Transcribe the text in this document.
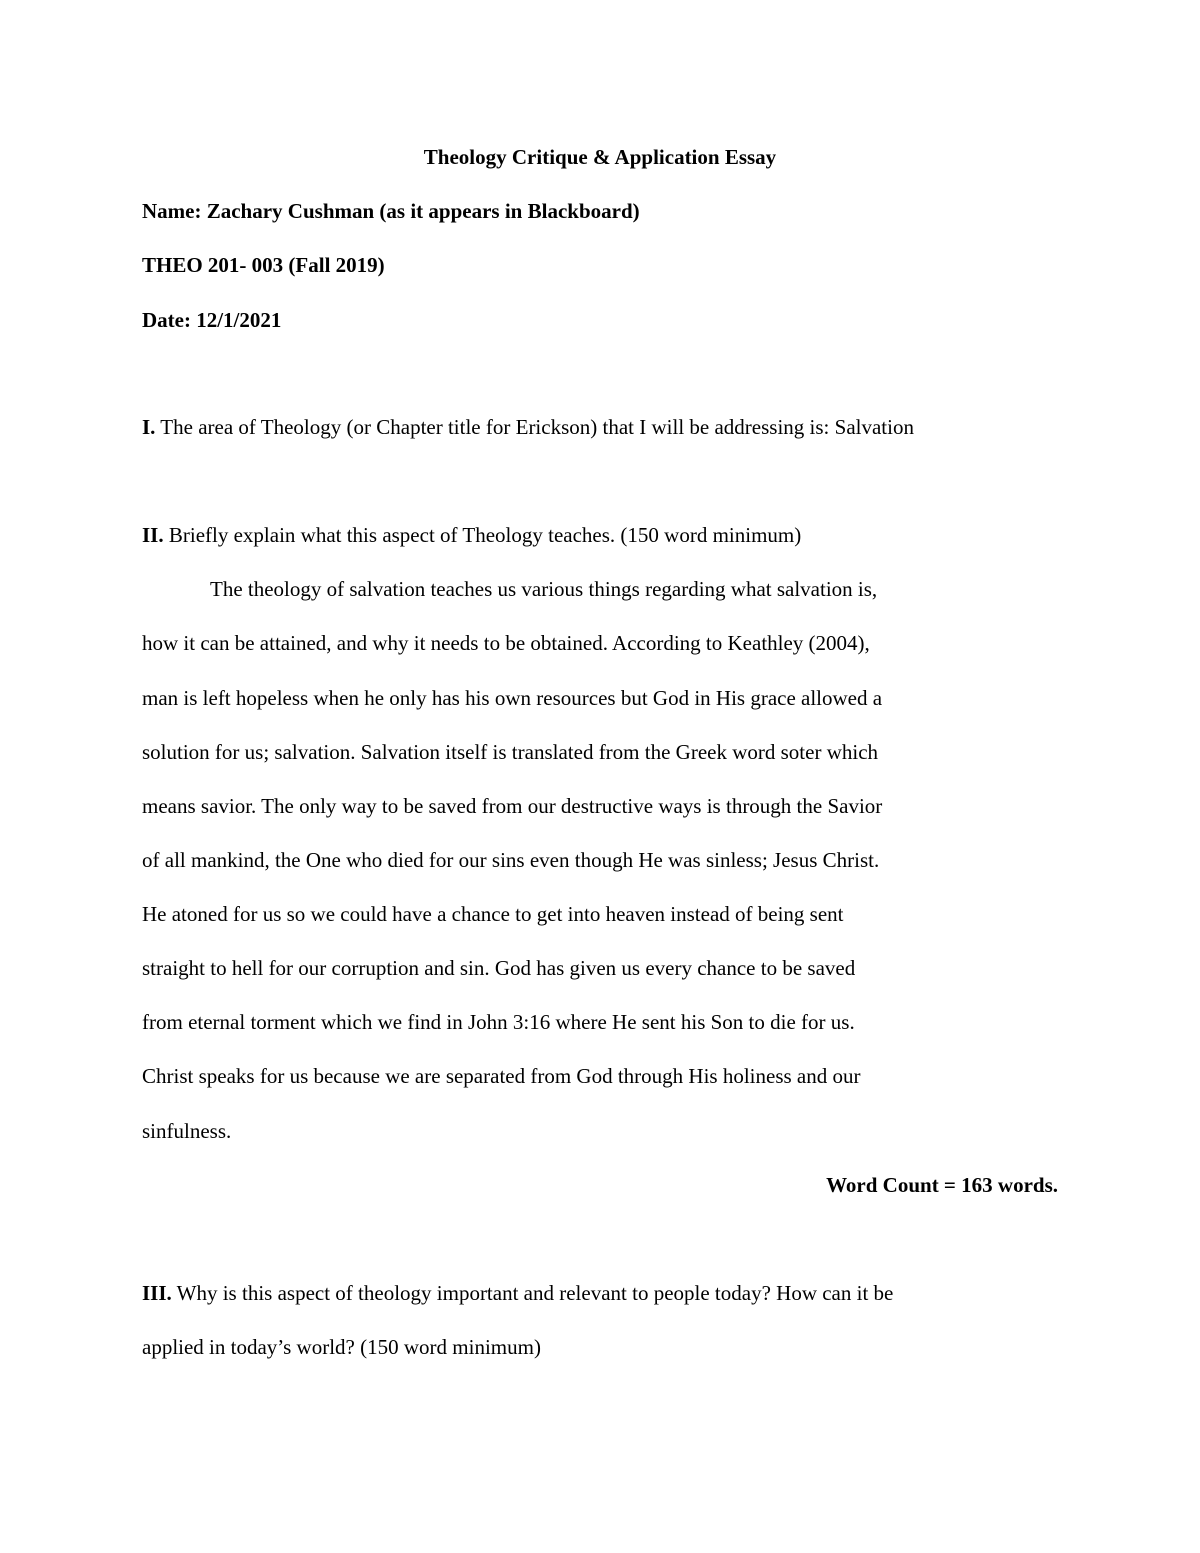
Theology Critique & Application Essay
Name: Zachary Cushman (as it appears in Blackboard)
THEO 201- 003 (Fall 2019)
Date: 12/1/2021
I. The area of Theology (or Chapter title for Erickson) that I will be addressing is: Salvation
II. Briefly explain what this aspect of Theology teaches. (150 word minimum)
The theology of salvation teaches us various things regarding what salvation is,
how it can be attained, and why it needs to be obtained. According to Keathley (2004),
man is left hopeless when he only has his own resources but God in His grace allowed a
solution for us; salvation. Salvation itself is translated from the Greek word soter which
means savior. The only way to be saved from our destructive ways is through the Savior
of all mankind, the One who died for our sins even though He was sinless; Jesus Christ.
He atoned for us so we could have a chance to get into heaven instead of being sent
straight to hell for our corruption and sin. God has given us every chance to be saved
from eternal torment which we find in John 3:16 where He sent his Son to die for us.
Christ speaks for us because we are separated from God through His holiness and our
sinfulness.
Word Count = 163 words.
III. Why is this aspect of theology important and relevant to people today? How can it be
applied in today’s world? (150 word minimum)
